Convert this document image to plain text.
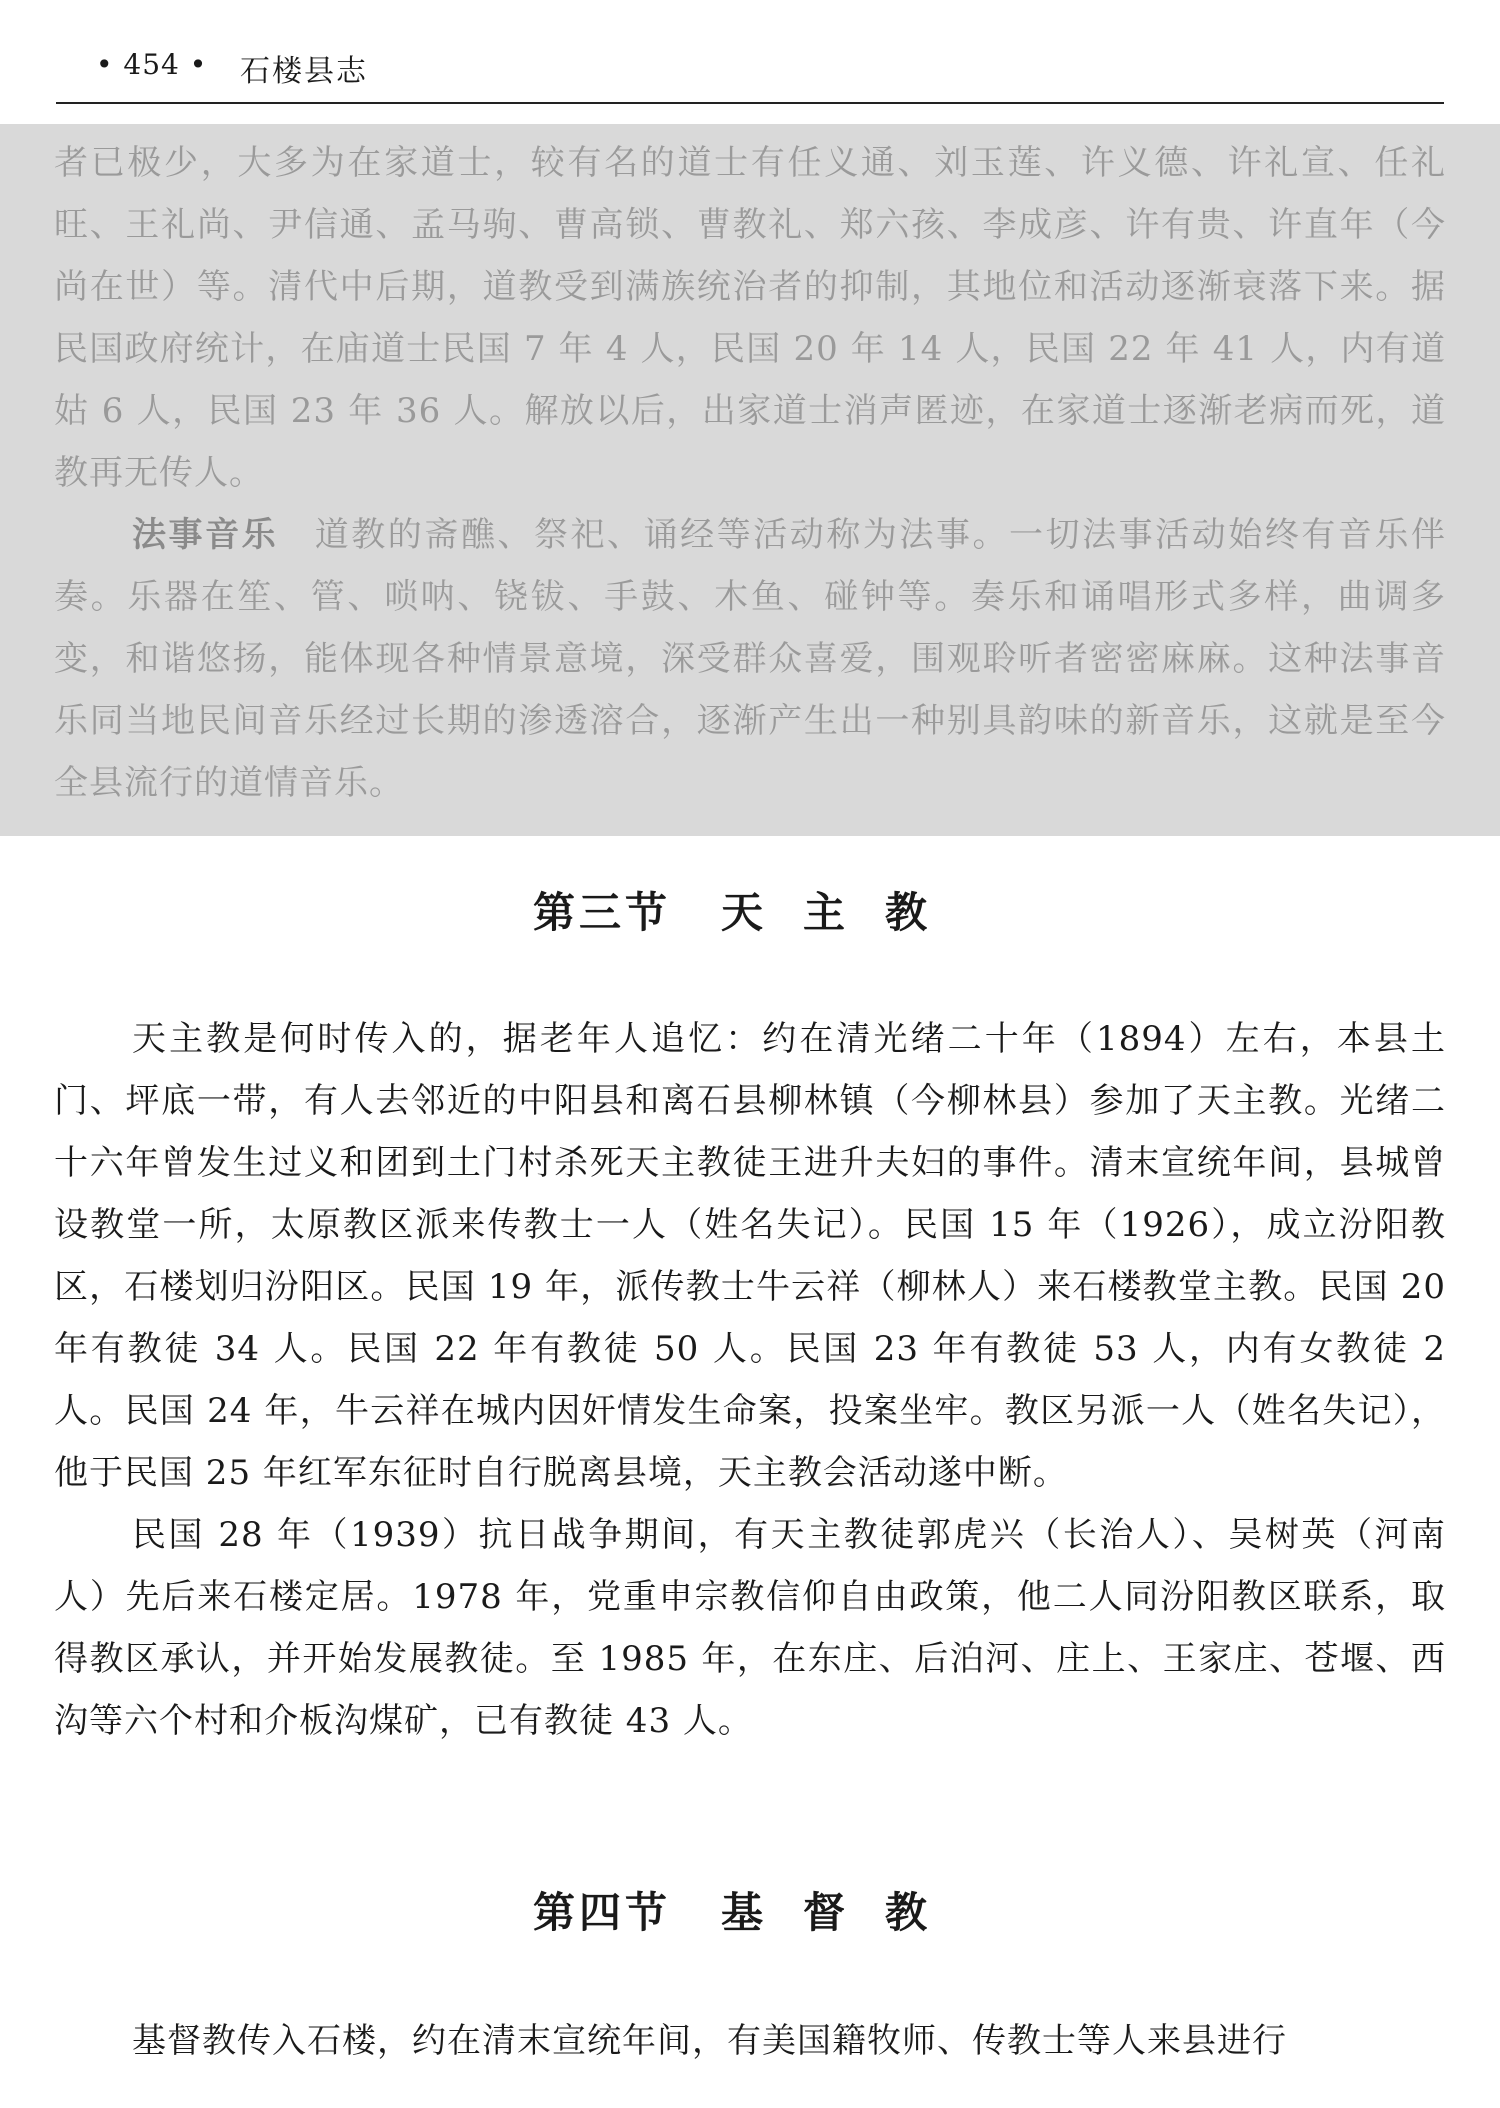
• 454 • 石楼县志

者已极少，大多为在家道士，较有名的道士有任义通、刘玉莲、许义德、许礼宣、任礼旺、王礼尚、尹信通、孟马驹、曹高锁、曹教礼、郑六孩、李成彦、许有贵、许直年（今尚在世）等。清代中后期，道教受到满族统治者的抑制，其地位和活动逐渐衰落下来。据民国政府统计，在庙道士民国 7 年 4 人，民国 20 年 14 人，民国 22 年 41 人，内有道姑 6 人，民国 23 年 36 人。解放以后，出家道士消声匿迹，在家道士逐渐老病而死，道教再无传人。

法事音乐　 道教的斋醮、祭祀、诵经等活动称为法事。一切法事活动始终有音乐伴奏。乐器在笙、管、唢呐、铙钹、手鼓、木鱼、碰钟等。奏乐和诵唱形式多样，曲调多变，和谐悠扬，能体现各种情景意境，深受群众喜爱，围观聆听者密密麻麻。这种法事音乐同当地民间音乐经过长期的渗透溶合，逐渐产生出一种别具韵味的新音乐，这就是至今全县流行的道情音乐。

第三节 天主教

天主教是何时传入的，据老年人追忆：约在清光绪二十年（1894）左右，本县土门、坪底一带，有人去邻近的中阳县和离石县柳林镇（今柳林县）参加了天主教。光绪二十六年曾发生过义和团到土门村杀死天主教徒王进升夫妇的事件。清末宣统年间，县城曾设教堂一所，太原教区派来传教士一人（姓名失记）。民国 15 年（1926），成立汾阳教区，石楼划归汾阳区。民国 19 年，派传教士牛云祥（柳林人）来石楼教堂主教。民国 20 年有教徒 34 人。民国 22 年有教徒 50 人。民国 23 年有教徒 53 人，内有女教徒 2 人。民国 24 年，牛云祥在城内因奸情发生命案，投案坐牢。教区另派一人（姓名失记），他于民国 25 年红军东征时自行脱离县境，天主教会活动遂中断。

民国 28 年（1939）抗日战争期间，有天主教徒郭虎兴（长治人）、吴树英（河南人）先后来石楼定居。1978 年，党重申宗教信仰自由政策，他二人同汾阳教区联系，取得教区承认，并开始发展教徒。至 1985 年，在东庄、后泊河、庄上、王家庄、苍堰、西沟等六个村和介板沟煤矿，已有教徒 43 人。

第四节 基督教

基督教传入石楼，约在清末宣统年间，有美国籍牧师、传教士等人来县进行
